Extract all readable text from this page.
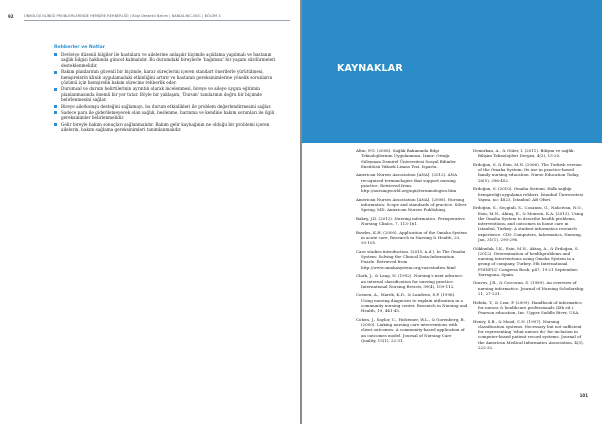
92	ONKOLOJİ KLİNİĞİ PROBLEMLERİNDE HEMŞİRE REHBERLİĞİ | Bilgi Destekli Bakım | NANDA-NIC-NOC | BÖLÜM 3
Rehberler ve Notlar
Devletçe düzenli bilgiler ile hastalara ve ailelerine anlaşılır biçimde açıklama yapılmalı ve hastanın sağlık bilgisi hakkında güncel kalmalıdır. Bu durumdaki bireylerle ‘bağımsız’ bir yaşam sürdürmeleri desteklenmelidir.
Bakım planlarının güvenli bir biçimde, karar süreçlerini içeren standart önerilerle yürütülmesi, hemşirelerin klinik uygulamadaki etkinliğini artırır ve hastanın gereksinimlerine yönelik sorunların çözümü için hemşirelik bakım sürecine rehberlik eder.
Durumsal ve durum belirtilerinin ayrıntılı olarak incelenmesi, bireye ve aileye uygun eğitimin planlanmasında önemli bir yer tutar. Böyle bir yaklaşım, ‘Durum’ tanılarının doğru bir biçimde belirlenmesini sağlar.
Bireye aile/komşu desteğini sağlamayı, bu durum etkinlikleri ile problem değerlendirmesini sağlar.
Sadece para ile giderilemeyecek olan sağlık, beslenme, barınma ve kendine bakım sorunları ile ilgili gereksinimler belirlenmelidir.
Gelir bireyle bakım sonuçları sağlanmalıdır. Bakım gelir kaynağının ne olduğu bir problemi içeren ailelerin, bakım sağlama gereksinimleri tanımlanmalıdır.
KAYNAKLAR

Altın, P.G. (2008). Sağlık Bakımında Bilgi Teknolojilerinin Uygulanması. İzmir: Ortağı. Süleyman Demirel Üniversitesi Sosyal Bilimler Enstitüsü Yüksek Lisans Tezi. Isparta.

American Nurses Association [ANA]. (2012). ANA recognized terminologies that support nursing practice. Retrieved from: http://nursingworld.org/npii/terminologies.htm

American Nurses Association [ANA]. (2008). Nursing informatics: Scope and standards of practice. Silver Spring, MD: American Nurses Publishing.

Bakey, J.D. (2012). Nursing informatics. Perioperative Nursing Clinics, 7, 113-161.

Bowles, K.H. (2000). Application of the Omaha System in acute care. Research in Nursing & Health, 23, 93-105.

Case studies introduction. (2015, n.d.). In The Omaha System: Solving the Clinical Data-Information Puzzle. Retrieved from http://www.omahasystem.org/casestudies.html

Clark, J., & Lang, N. (1992). Nursing's next advance: an internal classification for nursing practice. International Nursing Review, 39(4), 109-112.

Coenen, A., Marek, K.D., & Lundeen, S.P. (1996). Using nursing diagnoses to explain utilization in a community nursing center. Research in Nursing and Health, 19, 441-45.

Cohen, J., Saylor, C., Holzemer, W.L., & Gorenberg, B. (2000). Linking nursing care interventions with client outcomes: A community-based application of an outcomes model. Journal of Nursing Care Quality, 15(1), 22-31.

Demirkan, A., & Güler, İ. (2011). Bilişim ve sağlık. Bilişim Teknolojileri Dergisi, 4(3), 13-20.

Erdoğan, S. & Esin, M.N. (2006). The Turkish version of the Omaha System: Its use in practice-based family nursing education. Nurse Education Today, 26(5), 396-402.

Erdoğan, S. (2010). Omaha Sistemi: Halk sağlığı hemşireliği uygulama rehberi. İstanbul Üniversitesi Yayını, no: 4823, İstanbul: AB Ofset.

Erdoğan, S., Seçginli, S., Cosansu, G., Nahcivan, N.O., Esin, M.N., Aktaş, E., & Monsen, K.A. (2013). Using the Omaha System to describe health problems, interventions, and outcomes in home care in Istanbul, Turkey: A student informatics research experience. CIN: Computers, Informatics, Nursing, Jan, 31(1), 290-296.

Gökbudak, İ.K., Esin, M.N., Aktaş, A., & Erdoğan, S. (2012). Determination of healthproblems and nursing interventions using Omaha System in a group of company, Turkey. 5th International POINFLU Congress Book, p47, 19-21 September, Tarragona, Spain.

Graves, J.R., & Corcoran, S. (1989). An overview of nursing informatics. Journal of Nursing Scholarship, 21, 27-231.

Hebda, T., & Czar, P. (2009). Handbook of informatics for nurses & healthcare professionals (4th ed.). Pearson education, Inc. Upper Saddle River, USA.

Henry, S.B., & Mead, C.N. (1997). Nursing classification systems: Necessary but not sufficient for representing ‘what nurses do’ for inclusion in computer-based patient record systems. Journal of the American Medical Informatics Association, 4(3), 222-32.

101
